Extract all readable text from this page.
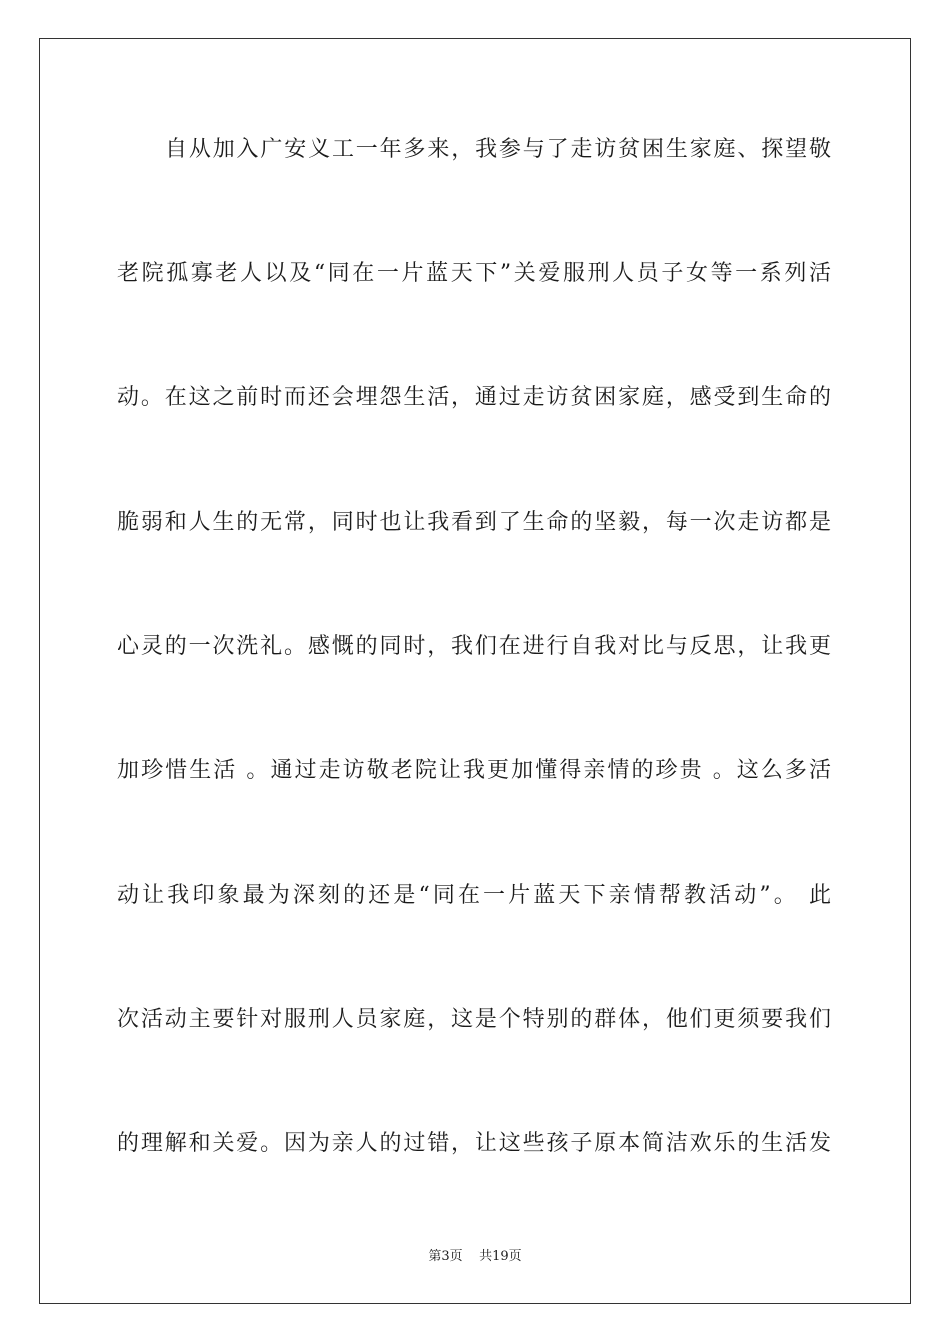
自从加入广安义工一年多来，我参与了走访贫困生家庭、探望敬
老院孤寡老人以及“同在一片蓝天下”关爱服刑人员子女等一系列活
动。在这之前时而还会埋怨生活，通过走访贫困家庭，感受到生命的
脆弱和人生的无常，同时也让我看到了生命的坚毅，每一次走访都是
心灵的一次洗礼。感慨的同时，我们在进行自我对比与反思，让我更
加珍惜生活 。通过走访敬老院让我更加懂得亲情的珍贵 。这么多活
动让我印象最为深刻的还是“同在一片蓝天下亲情帮教活动”。 此
次活动主要针对服刑人员家庭，这是个特别的群体，他们更须要我们
的理解和关爱。因为亲人的过错，让这些孩子原本简洁欢乐的生活发
第3页 共19页
